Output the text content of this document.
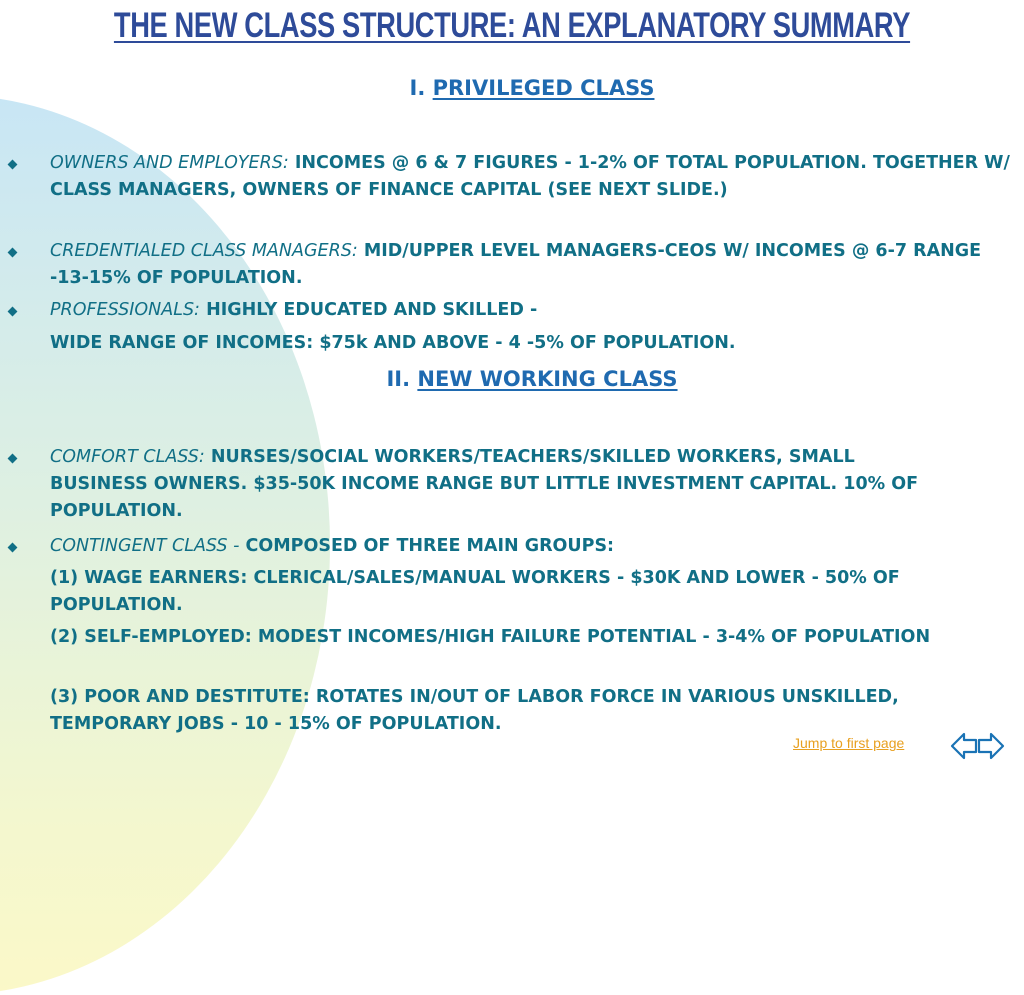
THE NEW CLASS STRUCTURE: AN EXPLANATORY SUMMARY
I. PRIVILEGED CLASS
OWNERS AND EMPLOYERS: INCOMES @ 6 & 7 FIGURES - 1-2% OF TOTAL POPULATION. TOGETHER W/ CLASS MANAGERS, OWNERS OF FINANCE CAPITAL (SEE NEXT SLIDE.)
CREDENTIALED CLASS MANAGERS: MID/UPPER LEVEL MANAGERS-CEOS W/ INCOMES @ 6-7 RANGE -13-15% OF POPULATION.
PROFESSIONALS: HIGHLY EDUCATED AND SKILLED -
WIDE RANGE OF INCOMES: $75k AND ABOVE - 4 -5% OF POPULATION.
II. NEW WORKING CLASS
COMFORT CLASS: NURSES/SOCIAL WORKERS/TEACHERS/SKILLED WORKERS, SMALL BUSINESS OWNERS. $35-50K INCOME RANGE BUT LITTLE INVESTMENT CAPITAL. 10% OF POPULATION.
CONTINGENT CLASS - COMPOSED OF THREE MAIN GROUPS:
(1) WAGE EARNERS: CLERICAL/SALES/MANUAL WORKERS - $30K AND LOWER - 50% OF POPULATION.
(2) SELF-EMPLOYED: MODEST INCOMES/HIGH FAILURE POTENTIAL - 3-4% OF POPULATION
(3) POOR AND DESTITUTE: ROTATES IN/OUT OF LABOR FORCE IN VARIOUS UNSKILLED, TEMPORARY JOBS - 10 - 15% OF POPULATION.
Jump to first page
